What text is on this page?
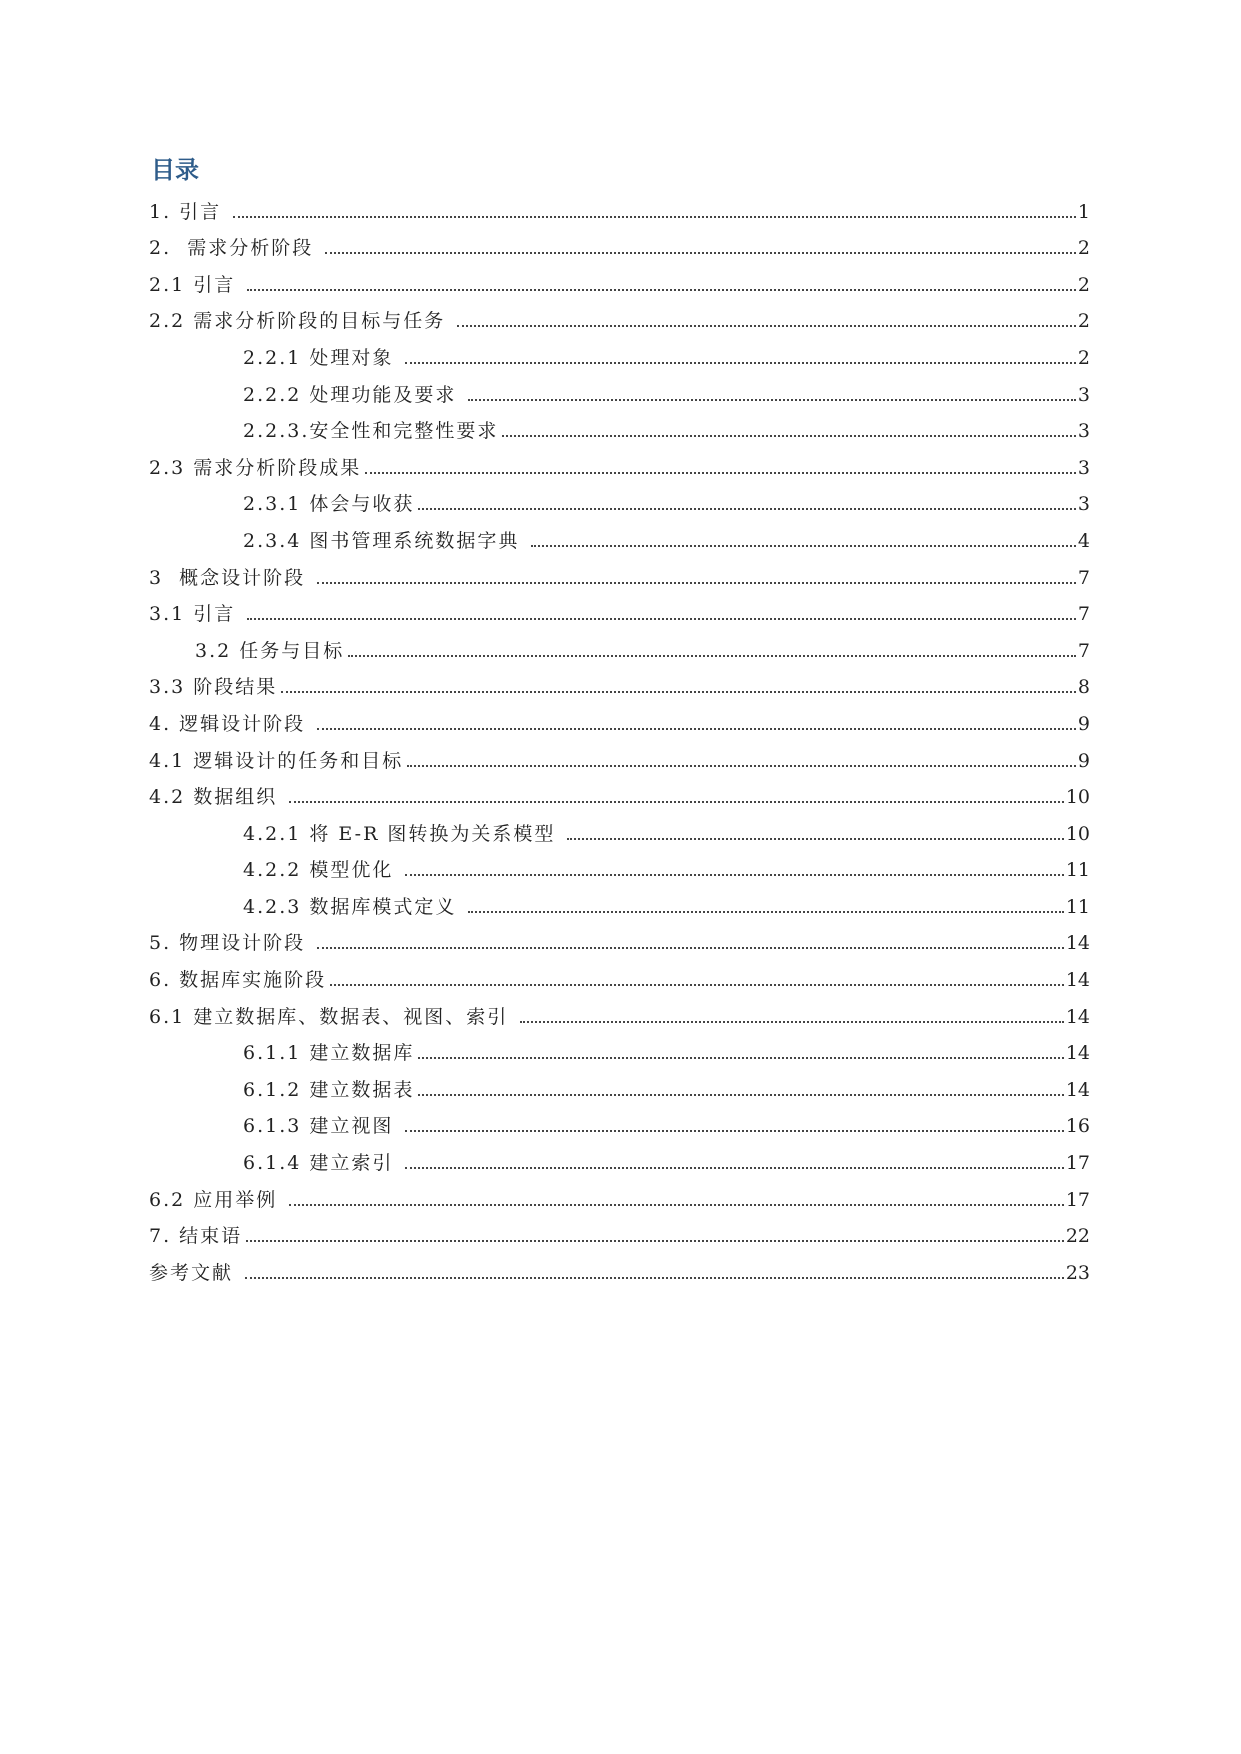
目录
1. 引言	1
2.  需求分析阶段	2
2.1 引言	2
2.2 需求分析阶段的目标与任务	2
2.2.1 处理对象	2
2.2.2 处理功能及要求	3
2.2.3.安全性和完整性要求	3
2.3 需求分析阶段成果	3
2.3.1 体会与收获	3
2.3.4 图书管理系统数据字典	4
3  概念设计阶段	7
3.1 引言	7
3.2 任务与目标	7
3.3 阶段结果	8
4. 逻辑设计阶段	9
4.1 逻辑设计的任务和目标	9
4.2 数据组织	10
4.2.1 将 E-R 图转换为关系模型	10
4.2.2 模型优化	11
4.2.3 数据库模式定义	11
5. 物理设计阶段	14
6. 数据库实施阶段	14
6.1 建立数据库、数据表、视图、索引	14
6.1.1 建立数据库	14
6.1.2 建立数据表	14
6.1.3 建立视图	16
6.1.4 建立索引	17
6.2 应用举例	17
7. 结束语	22
参考文献	23
